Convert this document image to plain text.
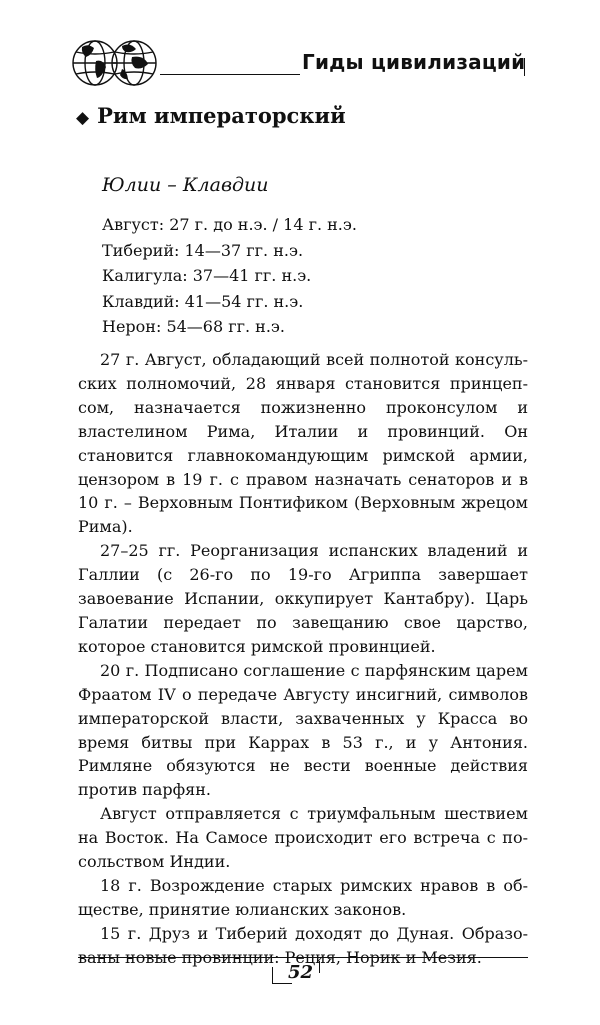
Гиды цивилизаций
◆ Рим императорский
Юлии – Клавдии
Август: 27 г. до н.э. / 14 г. н.э.
Тиберий: 14—37 гг. н.э.
Калигула: 37—41 гг. н.э.
Клавдий: 41—54 гг. н.э.
Нерон: 54—68 гг. н.э.

27 г. Август, обладающий всей полнотой консульских полномочий, 28 января становится принцепсом, назначается пожизненно проконсулом и властелином Рима, Италии и провинций. Он становится главнокомандующим римской армии, цензором в 19 г. с правом назначать сенаторов и в 10 г. – Верховным Понтификом (Верховным жрецом Рима).

27–25 гг. Реорганизация испанских владений и Галлии (с 26-го по 19-го Агриппа завершает завоевание Испании, оккупирует Кантабру). Царь Галатии передает по завещанию свое царство, которое становится римской провинцией.

20 г. Подписано соглашение с парфянским царем Фраатом IV о передаче Августу инсигний, символов императорской власти, захваченных у Красса во время битвы при Каррах в 53 г., и у Антония. Римляне обязуются не вести военные действия против парфян.

Август отправляется с триумфальным шествием на Восток. На Самосе происходит его встреча с посольством Индии.

18 г. Возрождение старых римских нравов в обществе, принятие юлианских законов.

15 г. Друз и Тиберий доходят до Дуная. Образованы новые провинции: Реция, Норик и Мезия.

52
